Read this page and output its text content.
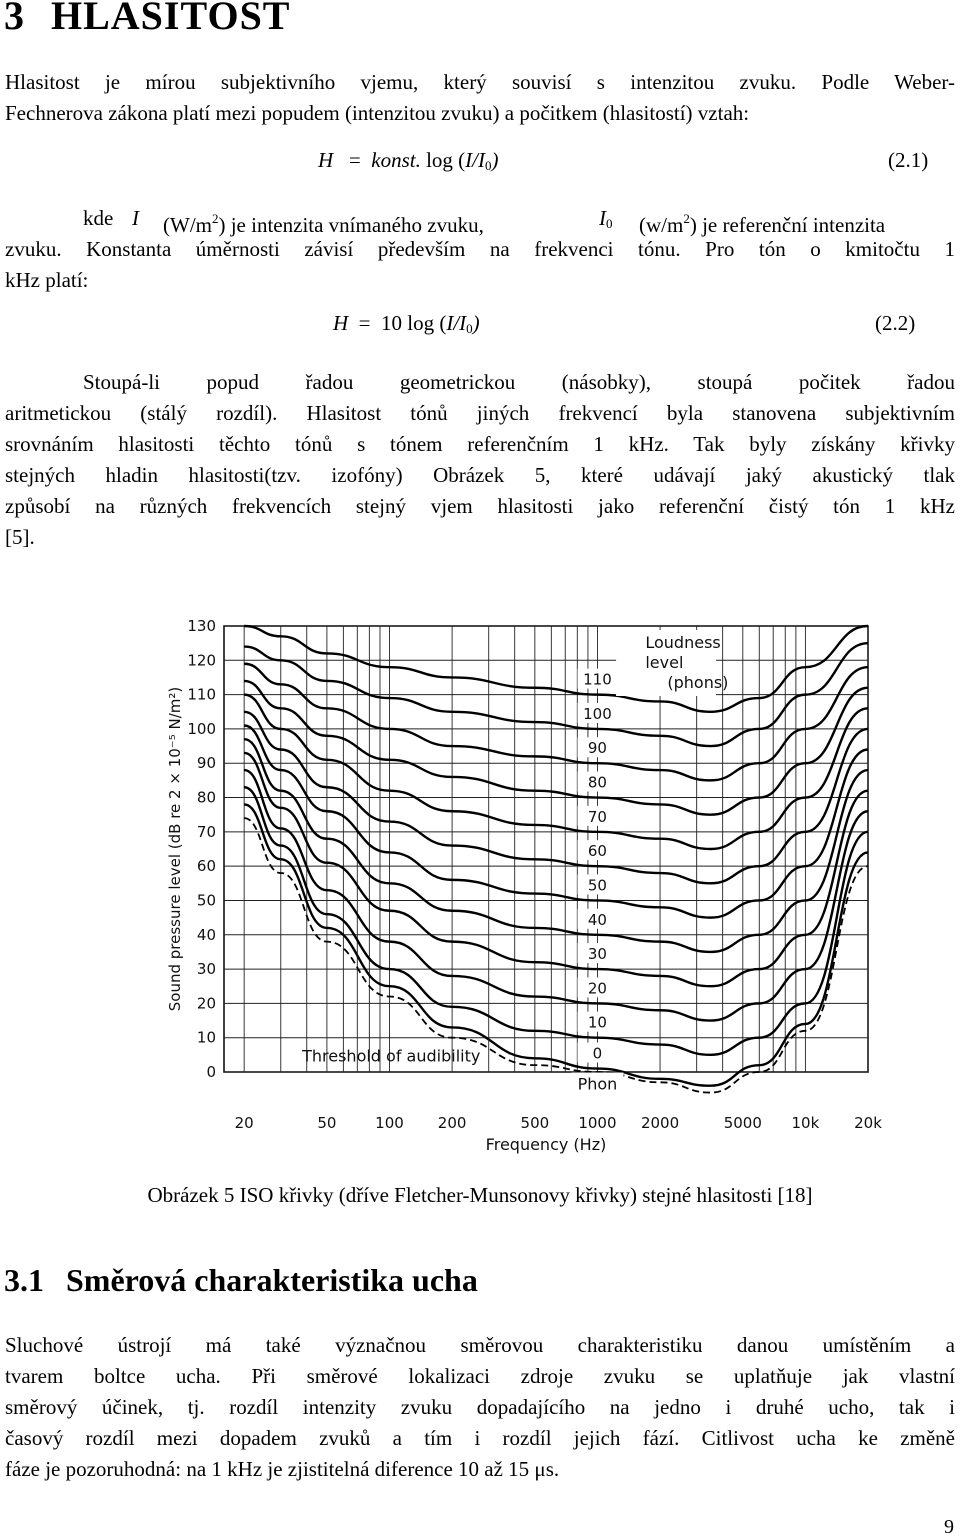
3 HLASITOST
Hlasitost je mírou subjektivního vjemu, který souvisí s intenzitou zvuku. Podle Weber-
Fechnerova zákona platí mezi popudem (intenzitou zvuku) a počitkem (hlasitostí) vztah:
H = konst. $\log (I/I_0)$	(2.1)
kde I $(W/m^2)$ je intenzita vnímaného zvuku,	$I_0$ $(w/m^2)$ je referenční intenzita
zvuku. Konstanta úměrnosti závisí především na frekvenci tónu. Pro tón o kmitočtu 1
kHz platí:
H = 10 $\log (I/I_0)$	(2.2)
Stoupá-li popud řadou geometrickou (násobky), stoupá počitek řadou
aritmetickou (stálý rozdíl). Hlasitost tónů jiných frekvencí byla stanovena subjektivním
srovnáním hlasitosti těchto tónů s tónem referenčním 1 kHz. Tak byly získány křivky
stejných hladin hlasitosti(tzv. izofóny) Obrázek 5, které udávají jaký akustický tlak
způsobí na různých frekvencích stejný vjem hlasitosti jako referenční čistý tón 1 kHz
[5].
0
10
20
30
40
50
60
70
80
90
100
110
120
130
20	50	100 200	500 1000 2000	5000 10k 20k
Frequency (Hz)
Sound pressure level (dB re 2 × 10⁻⁵ N/m²)
110
100
90
80
70
60
50
40
30
20
10
0
Threshold of audibility
Phon
Loudness
level
(phons)
Obrázek 5 ISO křivky (dříve Fletcher-Munsonovy křivky) stejné hlasitosti [18]
3.1 Směrová charakteristika ucha
Sluchové ústrojí má také význačnou směrovou charakteristiku danou umístěním a
tvarem boltce ucha. Při směrové lokalizaci zdroje zvuku se uplatňuje jak vlastní
směrový účinek, tj. rozdíl intenzity zvuku dopadajícího na jedno i druhé ucho, tak i
časový rozdíl mezi dopadem zvuků a tím i rozdíl jejich fází. Citlivost ucha ke změně
fáze je pozoruhodná: na 1 kHz je zjistitelná diference 10 až 15 μs.
9
